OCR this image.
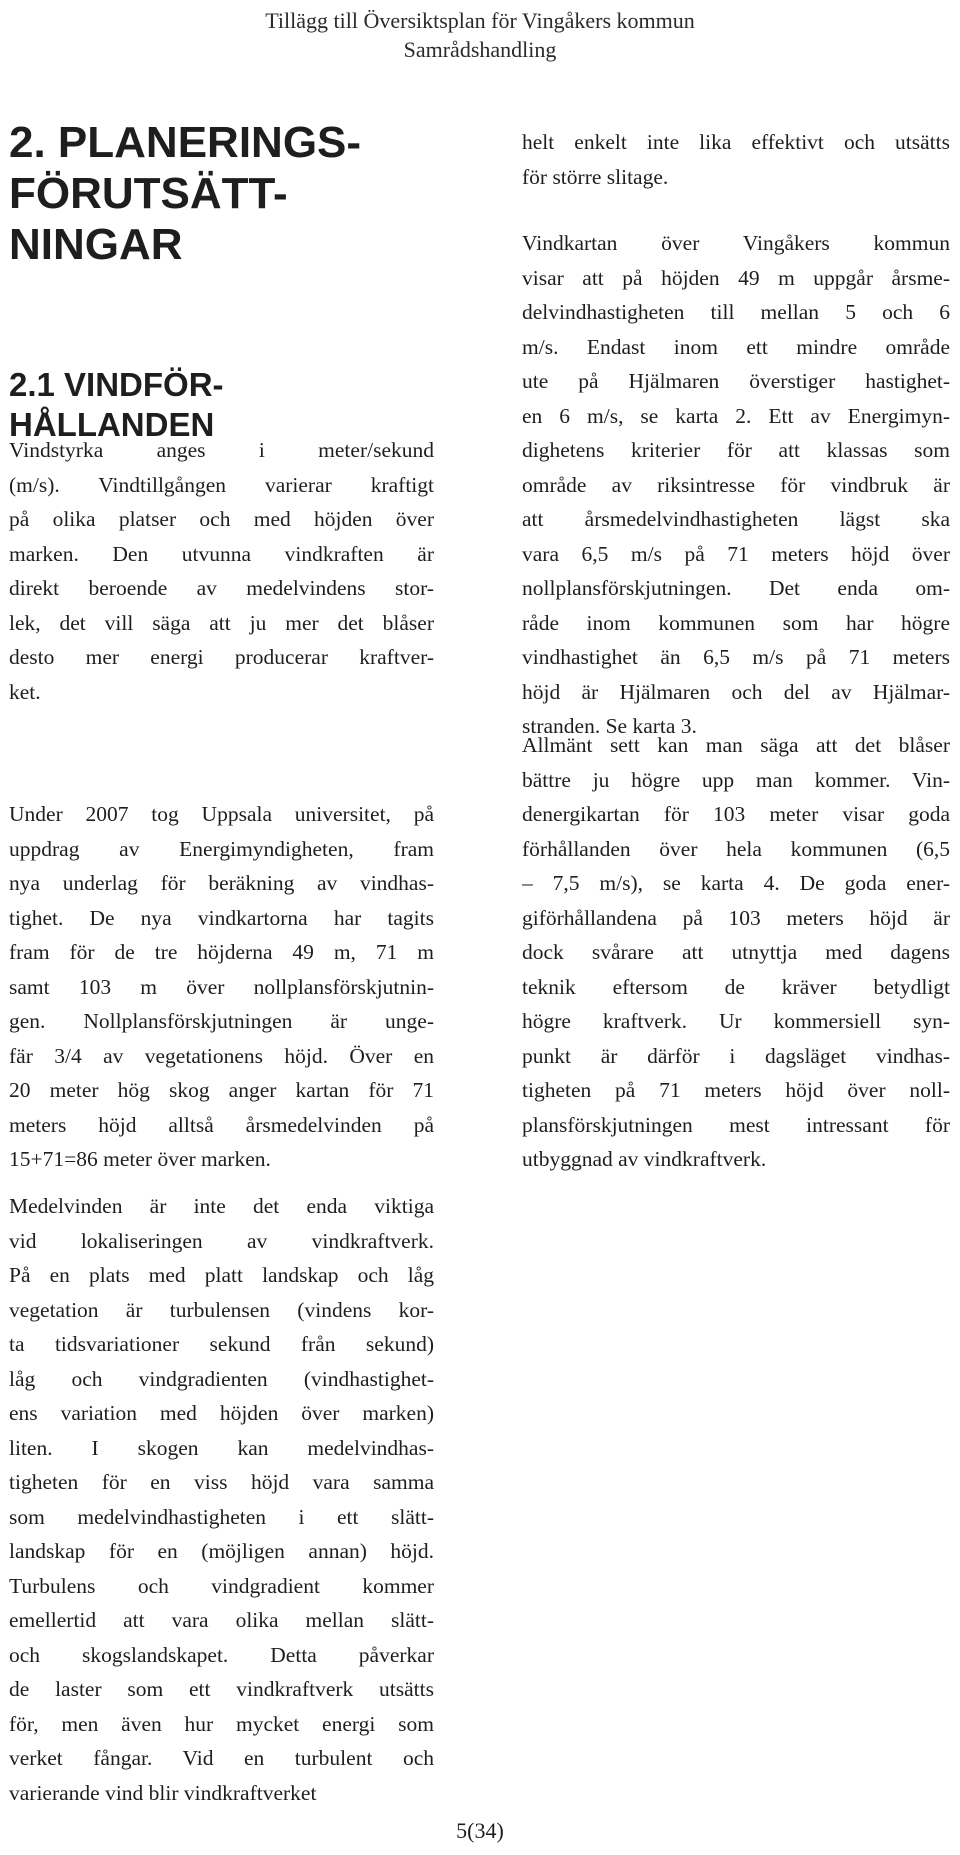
Tillägg till Översiktsplan för Vingåkers kommun
Samrådshandling
2. PLANERINGS-
FÖRUTSÄTT-
NINGAR
2.1 VINDFÖR-
HÅLLANDEN
Vindstyrka anges i meter/sekund
(m/s). Vindtillgången varierar kraftigt
på olika platser och med höjden över
marken. Den utvunna vindkraften är
direkt beroende av medelvindens stor-
lek, det vill säga att ju mer det blåser
desto mer energi producerar kraftver-
ket.
Under 2007 tog Uppsala universitet, på
uppdrag av Energimyndigheten, fram
nya underlag för beräkning av vindhas-
tighet. De nya vindkartorna har tagits
fram för de tre höjderna 49 m, 71 m
samt 103 m över nollplansförskjutnin-
gen. Nollplansförskjutningen är unge-
fär 3/4 av vegetationens höjd. Över en
20 meter hög skog anger kartan för 71
meters höjd alltså årsmedelvinden på
15+71=86 meter över marken.
Medelvinden är inte det enda viktiga
vid lokaliseringen av vindkraftverk.
På en plats med platt landskap och låg
vegetation är turbulensen (vindens kor-
ta tidsvariationer sekund från sekund)
låg och vindgradienten (vindhastighet-
ens variation med höjden över marken)
liten. I skogen kan medelvindhas-
tigheten för en viss höjd vara samma
som medelvindhastigheten i ett slätt-
landskap för en (möjligen annan) höjd.
Turbulens och vindgradient kommer
emellertid att vara olika mellan slätt-
och skogslandskapet. Detta påverkar
de laster som ett vindkraftverk utsätts
för, men även hur mycket energi som
verket fångar. Vid en turbulent och
varierande vind blir vindkraftverket
helt enkelt inte lika effektivt och utsätts
för större slitage.
Vindkartan över Vingåkers kommun
visar att på höjden 49 m uppgår årsme-
delvindhastigheten till mellan 5 och 6
m/s. Endast inom ett mindre område
ute på Hjälmaren överstiger hastighet-
en 6 m/s, se karta 2. Ett av Energimyn-
dighetens kriterier för att klassas som
område av riksintresse för vindbruk är
att årsmedelvindhastigheten lägst ska
vara 6,5 m/s på 71 meters höjd över
nollplansförskjutningen. Det enda om-
råde inom kommunen som har högre
vindhastighet än 6,5 m/s på 71 meters
höjd är Hjälmaren och del av Hjälmar-
stranden. Se karta 3.
Allmänt sett kan man säga att det blåser
bättre ju högre upp man kommer. Vin-
denergikartan för 103 meter visar goda
förhållanden över hela kommunen (6,5
– 7,5 m/s), se karta 4. De goda ener-
giförhållandena på 103 meters höjd är
dock svårare att utnyttja med dagens
teknik eftersom de kräver betydligt
högre kraftverk. Ur kommersiell syn-
punkt är därför i dagsläget vindhas-
tigheten på 71 meters höjd över noll-
plansförskjutningen mest intressant för
utbyggnad av vindkraftverk.
5(34)
